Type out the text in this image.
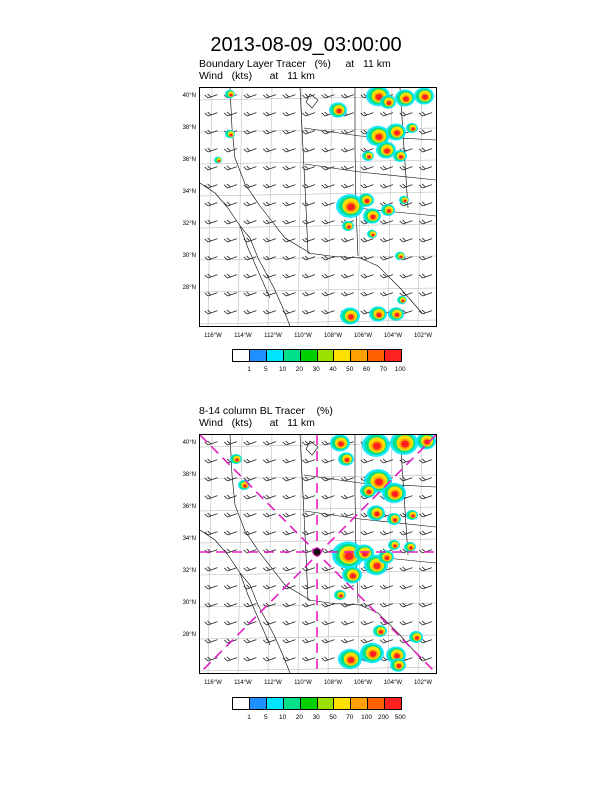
2013-08-09_03:00:00
Boundary Layer Tracer   (%)     at   11 km
Wind   (kts)      at   11 km
40°N
38°N
36°N
34°N
32°N
30°N
28°N
116°W	114°W	112°W	110°W	108°W	106°W	104°W	102°W
1	5	10	20	30	40	50	60	70	100
8-14 column BL Tracer    (%)
Wind   (kts)      at   11 km
40°N
38°N
36°N
34°N
32°N
30°N
28°N
116°W	114°W	112°W	110°W	108°W	106°W	104°W	102°W
1	5	10	20	30	50	70	100 200 500
